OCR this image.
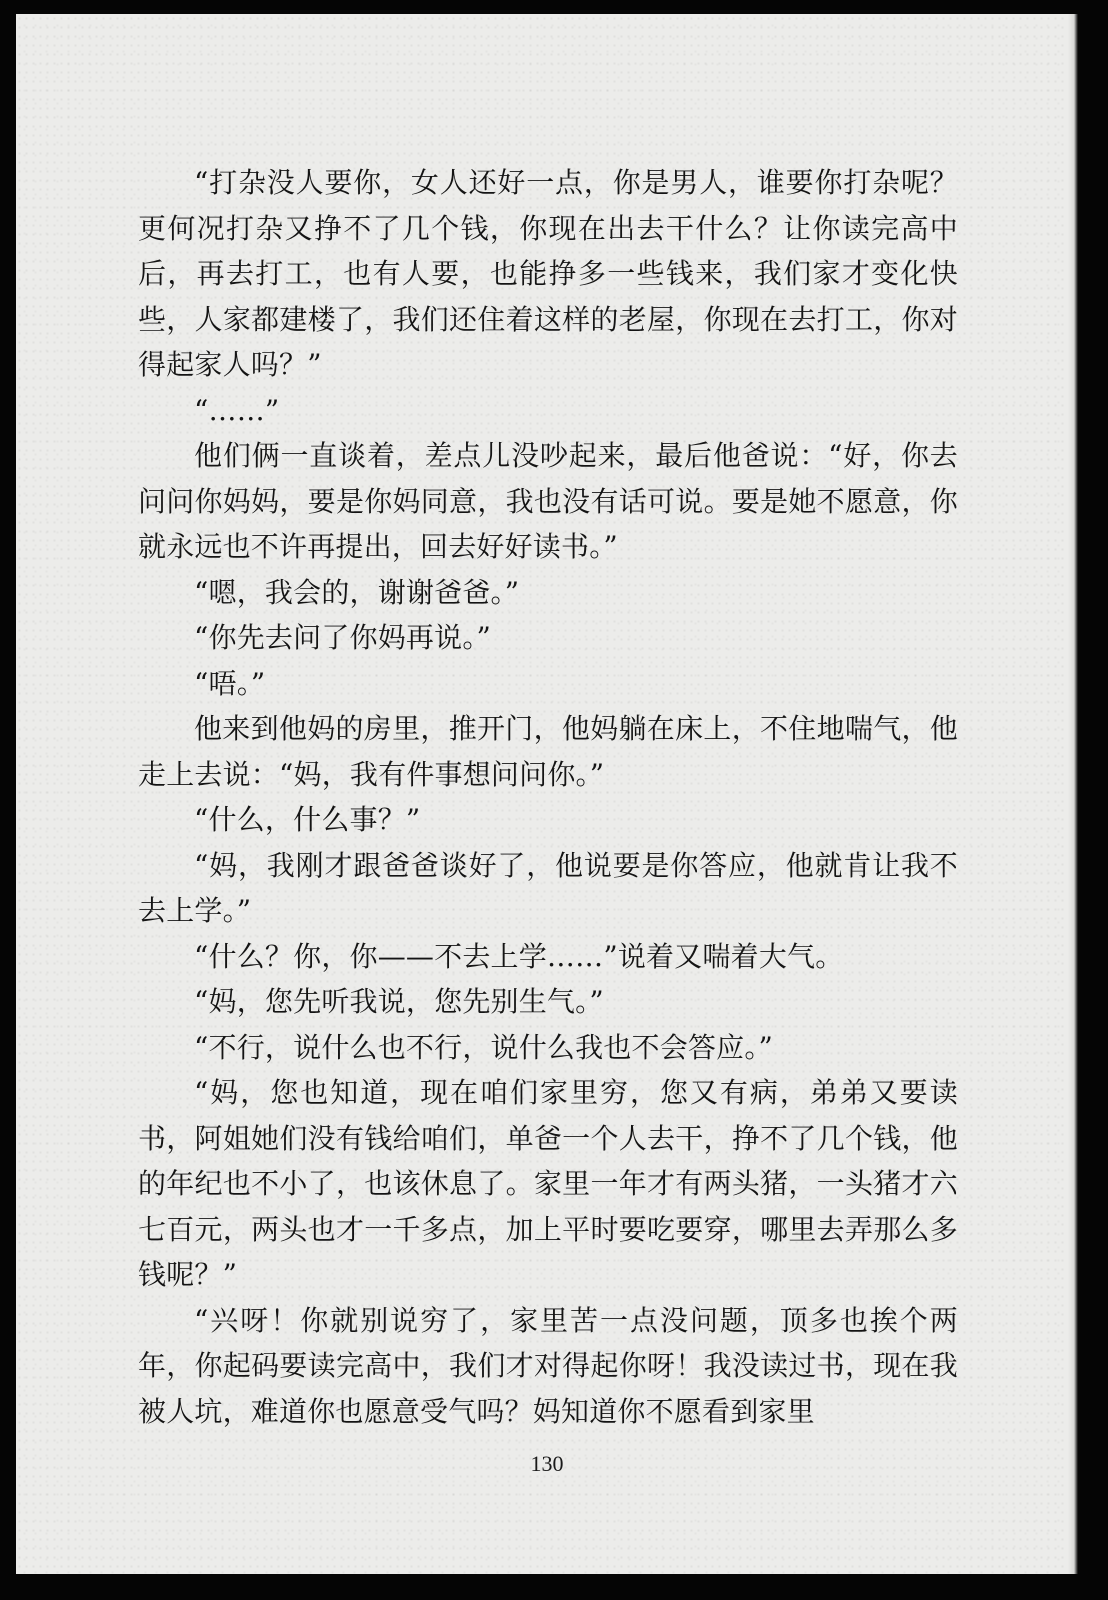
“打杂没人要你，女人还好一点，你是男人，谁要你打杂呢？更何况打杂又挣不了几个钱，你现在出去干什么？让你读完高中后，再去打工，也有人要，也能挣多一些钱来，我们家才变化快些，人家都建楼了，我们还住着这样的老屋，你现在去打工，你对得起家人吗？”

“……”

他们俩一直谈着，差点儿没吵起来，最后他爸说：“好，你去问问你妈妈，要是你妈同意，我也没有话可说。要是她不愿意，你就永远也不许再提出，回去好好读书。”

“嗯，我会的，谢谢爸爸。”

“你先去问了你妈再说。”

“唔。”

他来到他妈的房里，推开门，他妈躺在床上，不住地喘气，他走上去说：“妈，我有件事想问问你。”

“什么，什么事？”

“妈，我刚才跟爸爸谈好了，他说要是你答应，他就肯让我不去上学。”

“什么？你，你——不去上学……”说着又喘着大气。

“妈，您先听我说，您先别生气。”

“不行，说什么也不行，说什么我也不会答应。”

“妈，您也知道，现在咱们家里穷，您又有病，弟弟又要读书，阿姐她们没有钱给咱们，单爸一个人去干，挣不了几个钱，他的年纪也不小了，也该休息了。家里一年才有两头猪，一头猪才六七百元，两头也才一千多点，加上平时要吃要穿，哪里去弄那么多钱呢？”

“兴呀！你就别说穷了，家里苦一点没问题，顶多也挨个两年，你起码要读完高中，我们才对得起你呀！我没读过书，现在我被人坑，难道你也愿意受气吗？妈知道你不愿看到家里

130
